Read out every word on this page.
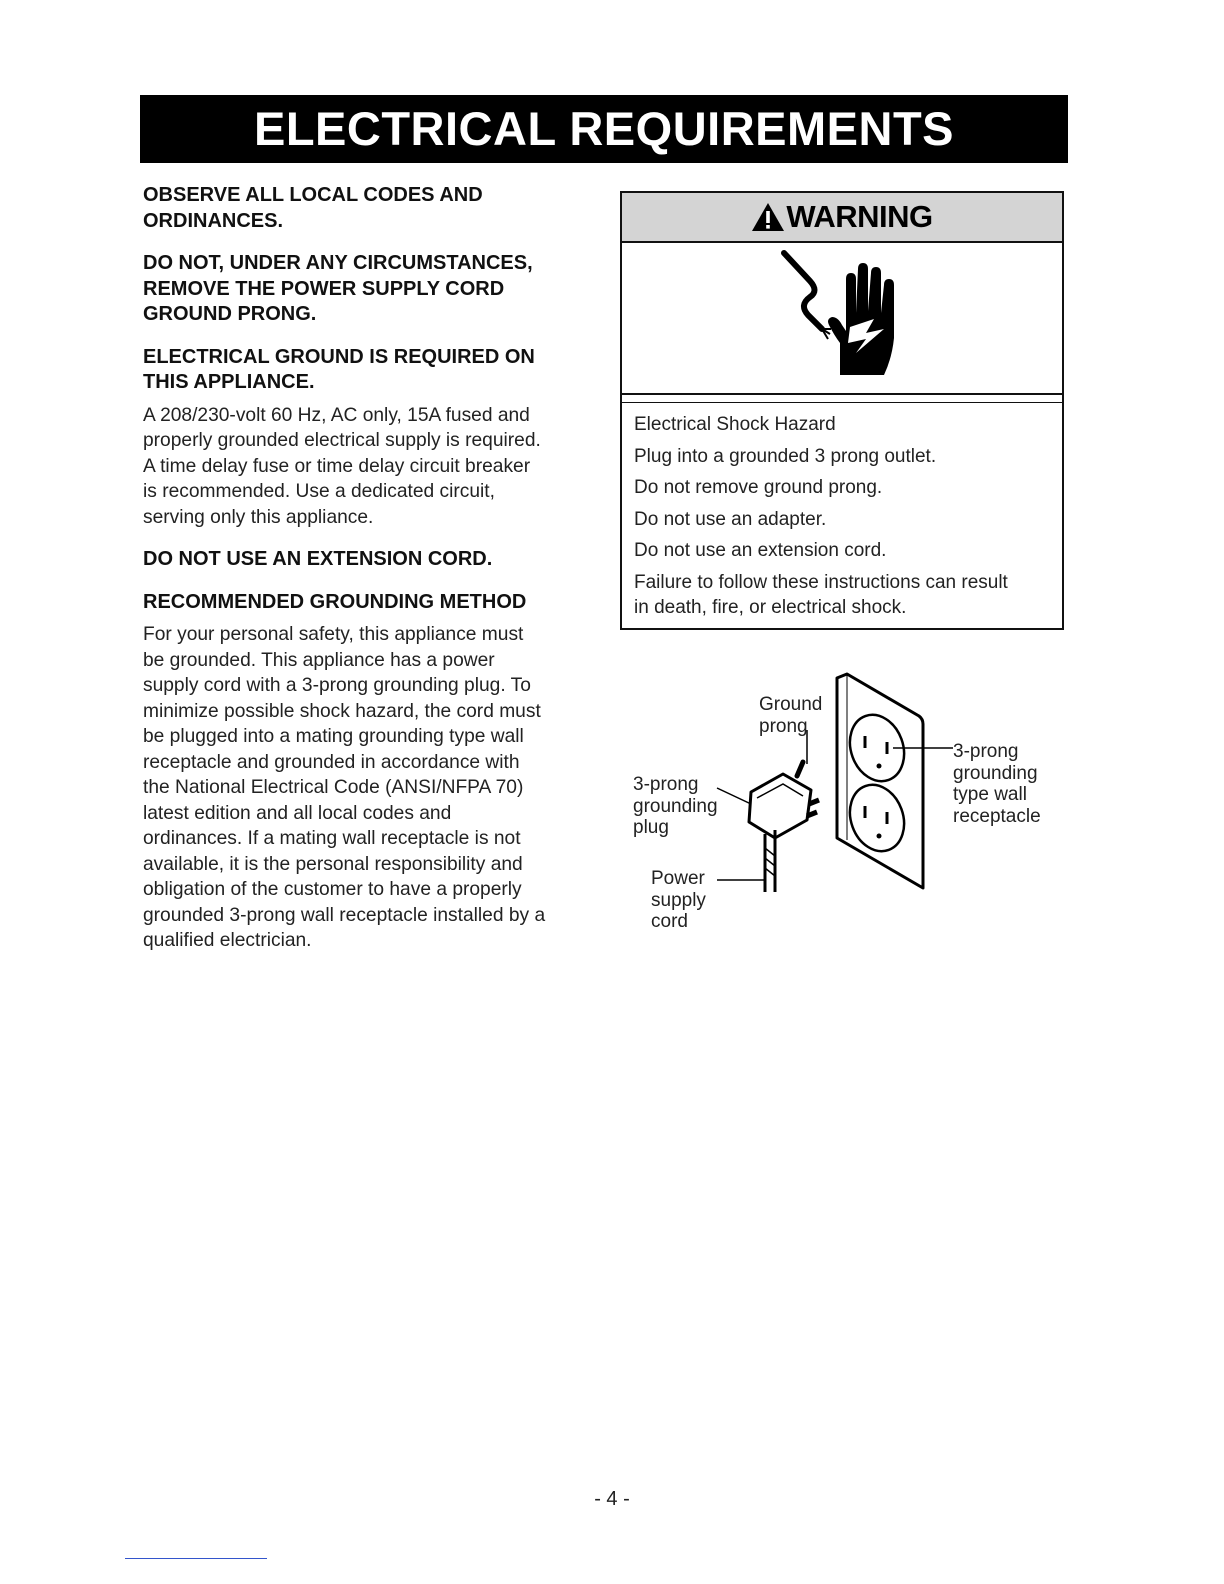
ELECTRICAL REQUIREMENTS

OBSERVE ALL LOCAL CODES AND

ORDINANCES.

DO NOT, UNDER ANY CIRCUMSTANCES,

REMOVE THE POWER SUPPLY CORD

GROUND PRONG.

ELECTRICAL GROUND IS REQUIRED ON

THIS APPLIANCE.

A 208/230-volt 60 Hz, AC only, 15A fused and

properly grounded electrical supply is required.

A time delay fuse or time delay circuit breaker

is recommended. Use a dedicated circuit,

serving only this appliance.

DO NOT USE AN EXTENSION CORD.

RECOMMENDED GROUNDING METHOD

For your personal safety, this appliance must

be grounded. This appliance has a power

supply cord with a 3-prong grounding plug. To

minimize possible shock hazard, the cord must

be plugged into a mating grounding type wall

receptacle and grounded in accordance with

the National Electrical Code (ANSI/NFPA 70)

latest edition and all local codes and

ordinances. If a mating wall receptacle is not

available, it is the personal responsibility and

obligation of the customer to have a properly

grounded 3-prong wall receptacle installed by a

qualified electrician.

WARNING

Electrical Shock Hazard

Plug into a grounded 3 prong outlet.

Do not remove ground prong.

Do not use an adapter.

Do not use an extension cord.

Failure to follow these instructions can result

in death, fire, or electrical shock.

Ground
prong
3-prong
grounding
plug
Power
supply
cord
3-prong
grounding
type wall
receptacle
- 4 -
